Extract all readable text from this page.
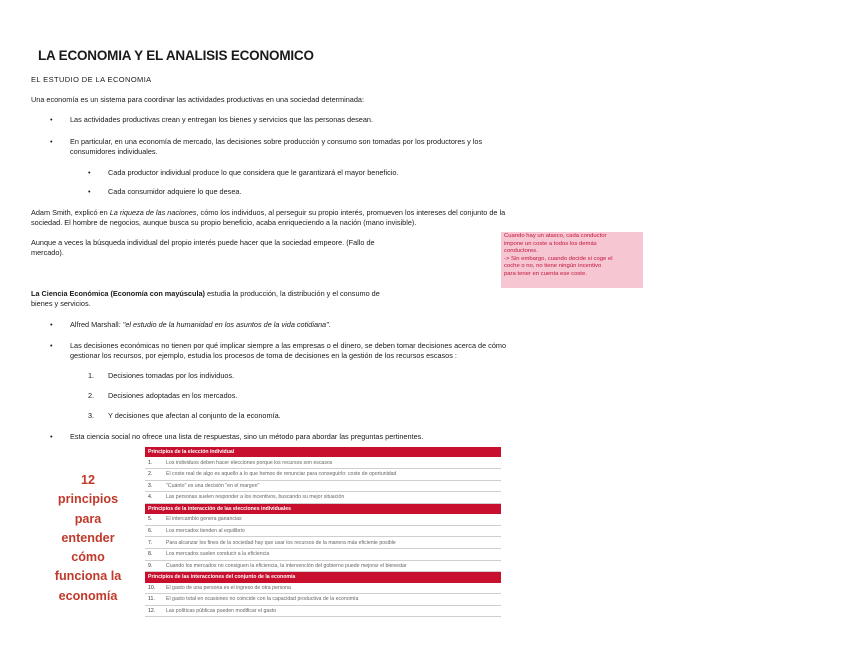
LA ECONOMIA Y EL ANALISIS ECONOMICO
EL ESTUDIO DE LA ECONOMIA
Una economía es un sistema para coordinar las actividades productivas en una sociedad determinada:
• Las actividades productivas crean y entregan los bienes y servicios que las personas desean.
• En particular, en una economía de mercado, las decisiones sobre producción y consumo son tomadas por los productores y los
consumidores individuales.
• Cada productor individual produce lo que considera que le garantizará el mayor beneficio.
• Cada consumidor adquiere lo que desea.
Adam Smith, explicó en La riqueza de las naciones, cómo los individuos, al perseguir su propio interés, promueven los intereses del conjunto de la
sociedad. El hombre de negocios, aunque busca su propio beneficio, acaba enriqueciendo a la nación (mano invisible).
Aunque a veces la búsqueda individual del propio interés puede hacer que la sociedad empeore. (Fallo de
mercado).
Cuando hay un atasco, cada conductor
impone un coste a todos los demás
conductores.
-> Sin embargo, cuando decide si coge el
coche o no, no tiene ningún incentivo
para tener en cuenta ese coste.
La Ciencia Económica (Economía con mayúscula) estudia la producción, la distribución y el consumo de
bienes y servicios.
• Alfred Marshall: "el estudio de la humanidad en los asuntos de la vida cotidiana".
• Las decisiones económicas no tienen por qué implicar siempre a las empresas o el dinero, se deben tomar decisiones acerca de cómo
gestionar los recursos, por ejemplo, estudia los procesos de toma de decisiones en la gestión de los recursos escasos :
1. Decisiones tomadas por los individuos.
2. Decisiones adoptadas en los mercados.
3. Y decisiones que afectan al conjunto de la economía.
• Esta ciencia social no ofrece una lista de respuestas, sino un método para abordar las preguntas pertinentes.
12
principios
para
entender
cómo
funciona la
economía
Principios de la elección individual	
1.	Los individuos deben hacer elecciones porque los recursos son escasos
2.	El coste real de algo es aquello a lo que hemos de renunciar para conseguirlo: coste de oportunidad
3.	"Cuánto" es una decisión "en el margen"
4.	Las personas suelen responder a los incentivos, buscando su mejor situación
Principios de la interacción de las elecciones individuales	
5.	El intercambio genera ganancias
6.	Los mercados tienden al equilibrio
7.	Para alcanzar los fines de la sociedad hay que usar los recursos de la manera más eficiente posible
8.	Los mercados suelen conducir a la eficiencia
9.	Cuando los mercados no consiguen la eficiencia, la intervención del gobierno puede mejorar el bienestar
Principios de las interacciones del conjunto de la economía	
10.	El gasto de una persona es el ingreso de otra persona
11.	El gasto total en ocasiones no coincide con la capacidad productiva de la economía
12.	Las políticas públicas pueden modificar el gasto
